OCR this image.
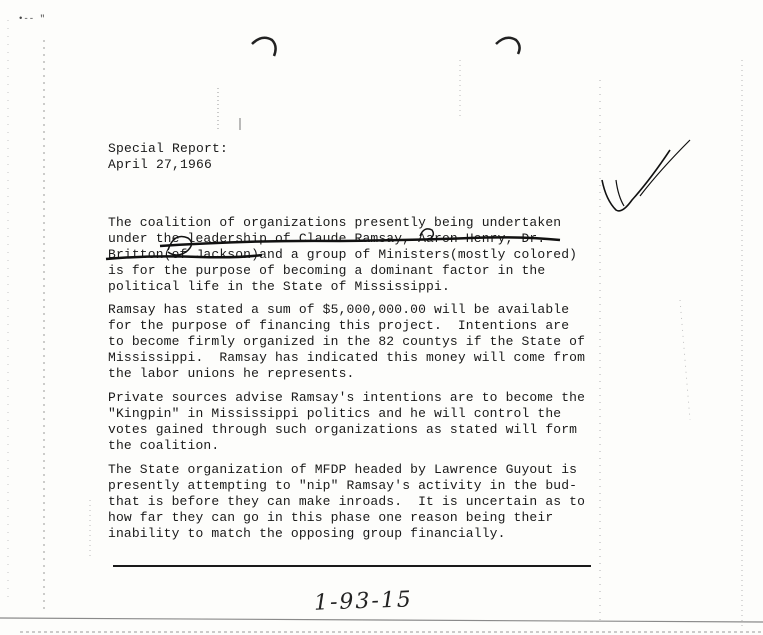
•-- "
Special Report:
April 27,1966
The coalition of organizations presently being undertaken
under the leadership of Claude Ramsay, Aaron Henry, Dr.
Britton(of Jackson)and a group of Ministers(mostly colored)
is for the purpose of becoming a dominant factor in the
political life in the State of Mississippi.
Ramsay has stated a sum of $5,000,000.00 will be available
for the purpose of financing this project.  Intentions are
to become firmly organized in the 82 countys if the State of
Mississippi.  Ramsay has indicated this money will come from
the labor unions he represents.
Private sources advise Ramsay's intentions are to become the
"Kingpin" in Mississippi politics and he will control the
votes gained through such organizations as stated will form
the coalition.
The State organization of MFDP headed by Lawrence Guyout is
presently attempting to "nip" Ramsay's activity in the bud-
that is before they can make inroads.  It is uncertain as to
how far they can go in this phase one reason being their
inability to match the opposing group financially.
1-93-15
